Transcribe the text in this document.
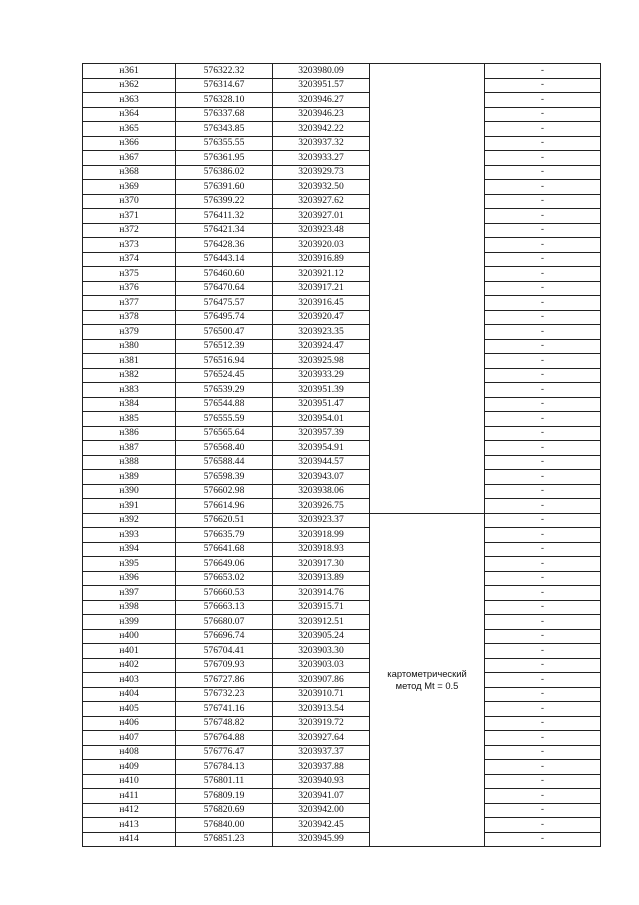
н361	576322.32	3203980.09		-
н362	576314.67	3203951.57		-
н363	576328.10	3203946.27		-
н364	576337.68	3203946.23		-
н365	576343.85	3203942.22		-
н366	576355.55	3203937.32		-
н367	576361.95	3203933.27		-
н368	576386.02	3203929.73		-
н369	576391.60	3203932.50		-
н370	576399.22	3203927.62		-
н371	576411.32	3203927.01		-
н372	576421.34	3203923.48		-
н373	576428.36	3203920.03		-
н374	576443.14	3203916.89		-
н375	576460.60	3203921.12		-
н376	576470.64	3203917.21		-
н377	576475.57	3203916.45		-
н378	576495.74	3203920.47		-
н379	576500.47	3203923.35		-
н380	576512.39	3203924.47		-
н381	576516.94	3203925.98		-
н382	576524.45	3203933.29		-
н383	576539.29	3203951.39		-
н384	576544.88	3203951.47		-
н385	576555.59	3203954.01		-
н386	576565.64	3203957.39		-
н387	576568.40	3203954.91		-
н388	576588.44	3203944.57		-
н389	576598.39	3203943.07		-
н390	576602.98	3203938.06		-
н391	576614.96	3203926.75		-
н392	576620.51	3203923.37	картометрический метод Mt = 0.5	-
н393	576635.79	3203918.99		-
н394	576641.68	3203918.93		-
н395	576649.06	3203917.30		-
н396	576653.02	3203913.89		-
н397	576660.53	3203914.76		-
н398	576663.13	3203915.71		-
н399	576680.07	3203912.51		-
н400	576696.74	3203905.24		-
н401	576704.41	3203903.30		-
н402	576709.93	3203903.03		-
н403	576727.86	3203907.86		-
н404	576732.23	3203910.71		-
н405	576741.16	3203913.54		-
н406	576748.82	3203919.72		-
н407	576764.88	3203927.64		-
н408	576776.47	3203937.37		-
н409	576784.13	3203937.88		-
н410	576801.11	3203940.93		-
н411	576809.19	3203941.07		-
н412	576820.69	3203942.00		-
н413	576840.00	3203942.45		-
н414	576851.23	3203945.99		-
